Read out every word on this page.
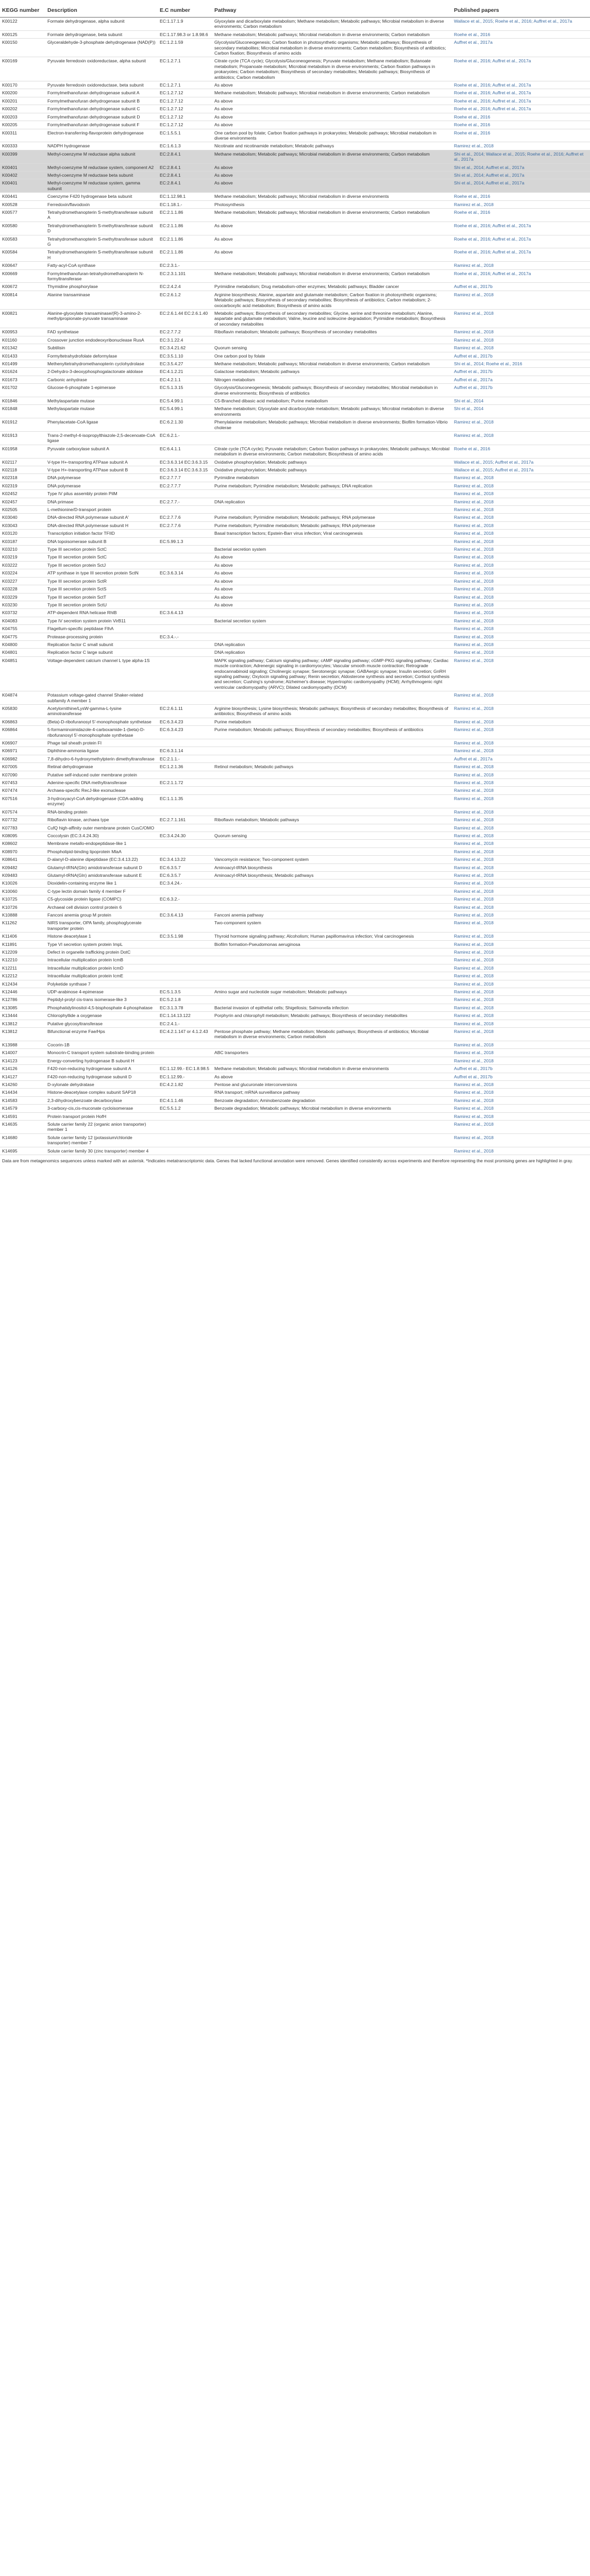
KEGG number	Description	E.C number	Pathway	Published papers
K00122	Formate dehydrogenase, alpha subunit	EC:1.17.1.9	Glyoxylate and dicarboxylate metabolism; Methane metabolism; Metabolic pathways; Microbial metabolism in diverse environments; Carbon metabolism	Wallace et al., 2015; Roehe et al., 2016; Auffret et al., 2017a
K00125	Formate dehydrogenase, beta subunit	EC:1.17.98.3 or 1.8.98.6	Methane metabolism; Metabolic pathways; Microbial metabolism in diverse environments; Carbon metabolism	Roehe et al., 2016
K00150	Glyceraldehyde-3-phosphate dehydrogenase (NAD(P))	EC:1.2.1.59	Glycolysis/Gluconeogenesis; Carbon fixation in photosynthetic organisms; Metabolic pathways; Biosynthesis of secondary metabolites; Microbial metabolism in diverse environments; Carbon metabolism; Biosynthesis of antibiotics; Carbon fixation; Biosynthesis of amino acids	Auffret et al., 2017a
K00169	Pyruvate ferredoxin oxidoreductase, alpha subunit	EC:1.2.7.1	Citrate cycle (TCA cycle); Glycolysis/Gluconeogenesis; Pyruvate metabolism; Methane metabolism; Butanoate metabolism; Propanoate metabolism; Microbial metabolism in diverse environments; Carbon fixation pathways in prokaryotes; Carbon metabolism; Biosynthesis of secondary metabolites; Metabolic pathways; Biosynthesis of antibiotics; Carbon metabolism	Roehe et al., 2016; Auffret et al., 2017a
K00170	Pyruvate ferredoxin oxidoreductase, beta subunit	EC:1.2.7.1	As above	Roehe et al., 2016; Auffret et al., 2017a
K00200	Formylmethanofuran dehydrogenase subunit A	EC:1.2.7.12	Methane metabolism; Metabolic pathways; Microbial metabolism in diverse environments; Carbon metabolism	Roehe et al., 2016; Auffret et al., 2017a
K00201	Formylmethanofuran dehydrogenase subunit B	EC:1.2.7.12	As above	Roehe et al., 2016; Auffret et al., 2017a
K00202	Formylmethanofuran dehydrogenase subunit C	EC:1.2.7.12	As above	Roehe et al., 2016; Auffret et al., 2017a
K00203	Formylmethanofuran dehydrogenase subunit D	EC:1.2.7.12	As above	Roehe et al., 2016
K00205	Formylmethanofuran dehydrogenase subunit F	EC:1.2.7.12	As above	Roehe et al., 2016
K00311	Electron-transferring-flavoprotein dehydrogenase	EC:1.5.5.1	One carbon pool by folate; Carbon fixation pathways in prokaryotes; Metabolic pathways; Microbial metabolism in diverse environments	Roehe et al., 2016
K00333	NADPH hydrogenase	EC:1.6.1.3	Nicotinate and nicotinamide metabolism; Metabolic pathways	Ramirez et al., 2018
K00399	Methyl-coenzyme M reductase alpha subunit	EC:2.8.4.1	Methane metabolism; Metabolic pathways; Microbial metabolism in diverse environments; Carbon metabolism	Shi et al., 2014; Wallace et al., 2015; Roehe et al., 2016; Auffret et al., 2017a
K00401	Methyl-coenzyme M reductase system, component A2	EC:2.8.4.1	As above	Shi et al., 2014; Auffret et al., 2017a
K00402	Methyl-coenzyme M reductase beta subunit	EC:2.8.4.1	As above	Shi et al., 2014; Auffret et al., 2017a
K00401	Methyl-coenzyme M reductase system, gamma subunit	EC:2.8.4.1	As above	Shi et al., 2014; Auffret et al., 2017a
K00441	Coenzyme F420 hydrogenase beta subunit	EC:1.12.98.1	Methane metabolism; Metabolic pathways; Microbial metabolism in diverse environments	Roehe et al., 2016
K00528	Ferredoxin/flavodoxin	EC:1.18.1.-	Photosynthesis	Ramirez et al., 2018
K00577	Tetrahydromethanopterin S-methyltransferase subunit A	EC:2.1.1.86	Methane metabolism; Metabolic pathways; Microbial metabolism in diverse environments; Carbon metabolism	Roehe et al., 2016
K00580	Tetrahydromethanopterin S-methyltransferase subunit D	EC:2.1.1.86	As above	Roehe et al., 2016; Auffret et al., 2017a
K00583	Tetrahydromethanopterin S-methyltransferase subunit G	EC:2.1.1.86	As above	Roehe et al., 2016; Auffret et al., 2017a
K00584	Tetrahydromethanopterin S-methyltransferase subunit H	EC:2.1.1.86	As above	Roehe et al., 2016; Auffret et al., 2017a
K00647	Fatty-acyl-CoA synthase	EC:2.3.1.-		Ramirez et al., 2018
K00669	Formylmethanofuran-tetrahydromethanopterin N-formyltransferase	EC:2.3.1.101	Methane metabolism; Metabolic pathways; Microbial metabolism in diverse environments; Carbon metabolism	Roehe et al., 2016; Auffret et al., 2017a
K00672	Thymidine phosphorylase	EC:2.4.2.4	Pyrimidine metabolism; Drug metabolism-other enzymes; Metabolic pathways; Bladder cancer	Auffret et al., 2017b
K00814	Alanine transaminase	EC:2.6.1.2	Arginine biosynthesis; Alanine, aspartate and glutamate metabolism; Carbon fixation in photosynthetic organisms; Metabolic pathways; Biosynthesis of secondary metabolites; Biosynthesis of antibiotics; Carbon metabolism; 2-oxocarboxylic acid metabolism; Biosynthesis of amino acids	Ramirez et al., 2018
K00821	Alanine-glyoxylate transaminase/(R)-3-amino-2-methylpropionate-pyruvate transaminase	EC:2.6.1.44 EC:2.6.1.40	Metabolic pathways; Biosynthesis of secondary metabolites; Glycine, serine and threonine metabolism; Alanine, aspartate and glutamate metabolism; Valine, leucine and isoleucine degradation; Pyrimidine metabolism; Biosynthesis of secondary metabolites	Ramirez et al., 2018
K00953	FAD synthetase	EC:2.7.7.2	Riboflavin metabolism; Metabolic pathways; Biosynthesis of secondary metabolites	Ramirez et al., 2018
K01160	Crossover junction endodeoxyribonuclease RusA	EC:3.1.22.4		Ramirez et al., 2018
K01342	Subtilisin	EC:3.4.21.62	Quorum sensing	Ramirez et al., 2018
K01433	Formyltetrahydrofolate deformylase	EC:3.5.1.10	One carbon pool by folate	Auffret et al., 2017b
K01499	Methenyltetrahydromethanopterin cyclohydrolase	EC:3.5.4.27	Methane metabolism; Metabolic pathways; Microbial metabolism in diverse environments; Carbon metabolism	Shi et al., 2014; Roehe et al., 2016
K01624	2-Dehydro-3-deoxyphosphogalactonate aldolase	EC:4.1.2.21	Galactose metabolism; Metabolic pathways	Auffret et al., 2017b
K01673	Carbonic anhydrase	EC:4.2.1.1	Nitrogen metabolism	Auffret et al., 2017a
K01702	Glucose-6-phosphate 1-epimerase	EC:5.1.3.15	Glycolysis/Gluconeogenesis; Metabolic pathways; Biosynthesis of secondary metabolites; Microbial metabolism in diverse environments; Biosynthesis of antibiotics	Auffret et al., 2017b
K01846	Methylaspartate mutase	EC:5.4.99.1	C5-Branched dibasic acid metabolism; Purine metabolism	Shi et al., 2014
K01848	Methylaspartate mutase	EC:5.4.99.1	Methane metabolism; Glyoxylate and dicarboxylate metabolism; Metabolic pathways; Microbial metabolism in diverse environments	Shi et al., 2014
K01912	Phenylacetate-CoA ligase	EC:6.2.1.30	Phenylalanine metabolism; Metabolic pathways; Microbial metabolism in diverse environments; Biofilm formation-Vibrio cholerae	Ramirez et al., 2018
K01913	Trans-2-methyl-4-isopropylthiazole-2,5-decenoate-CoA ligase	EC:6.2.1.-		Ramirez et al., 2018
K01958	Pyruvate carboxylase subunit A	EC:6.4.1.1	Citrate cycle (TCA cycle); Pyruvate metabolism; Carbon fixation pathways in prokaryotes; Metabolic pathways; Microbial metabolism in diverse environments; Carbon metabolism; Biosynthesis of amino acids	Roehe et al., 2016
K02117	V-type H+-transporting ATPase subunit A	EC:3.6.3.14 EC:3.6.3.15	Oxidative phosphorylation; Metabolic pathways	Wallace et al., 2015; Auffret et al., 2017a
K02118	V-type H+-transporting ATPase subunit B	EC:3.6.3.14 EC:3.6.3.15	Oxidative phosphorylation; Metabolic pathways	Wallace et al., 2015; Auffret et al., 2017a
K02318	DNA polymerase	EC:2.7.7.7	Pyrimidine metabolism	Ramirez et al., 2018
K02319	DNA polymerase	EC:2.7.7.7	Purine metabolism; Pyrimidine metabolism; Metabolic pathways; DNA replication	Ramirez et al., 2018
K02452	Type IV pilus assembly protein PilM			Ramirez et al., 2018
K02457	DNA primase	EC:2.7.7.-	DNA replication	Ramirez et al., 2018
K02505	L-methionine/D-transport protein			Ramirez et al., 2018
K03040	DNA-directed RNA polymerase subunit A'	EC:2.7.7.6	Purine metabolism; Pyrimidine metabolism; Metabolic pathways; RNA polymerase	Ramirez et al., 2018
K03043	DNA-directed RNA polymerase subunit H	EC:2.7.7.6	Purine metabolism; Pyrimidine metabolism; Metabolic pathways; RNA polymerase	Ramirez et al., 2018
K03120	Transcription initiation factor TFIID		Basal transcription factors; Epstein-Barr virus infection; Viral carcinogenesis	Ramirez et al., 2018
K03187	DNA topoisomerase subunit B	EC:5.99.1.3		Ramirez et al., 2018
K03210	Type III secretion protein SctC		Bacterial secretion system	Ramirez et al., 2018
K03219	Type III secretion protein SctC		As above	Ramirez et al., 2018
K03222	Type III secretion protein SctJ		As above	Ramirez et al., 2018
K03224	ATP synthase in type III secretion protein SctN	EC:3.6.3.14	As above	Ramirez et al., 2018
K03227	Type III secretion protein SctR		As above	Ramirez et al., 2018
K03228	Type III secretion protein SctS		As above	Ramirez et al., 2018
K03229	Type III secretion protein SctT		As above	Ramirez et al., 2018
K03230	Type III secretion protein SctU		As above	Ramirez et al., 2018
K03732	ATP-dependent RNA helicase RhlB	EC:3.6.4.13		Ramirez et al., 2018
K04083	Type IV secretion system protein VirB11		Bacterial secretion system	Ramirez et al., 2018
K04755	Flagellum-specific peptidase FlhA			Ramirez et al., 2018
K04775	Protease-processing protein	EC:3.4.-.-		Ramirez et al., 2018
K04800	Replication factor C small subunit		DNA replication	Ramirez et al., 2018
K04801	Replication factor C large subunit		DNA replication	Ramirez et al., 2018
K04851	Voltage-dependent calcium channel L type alpha-1S		MAPK signaling pathway; Calcium signaling pathway; cAMP signaling pathway; cGMP-PKG signaling pathway; Cardiac muscle contraction; Adrenergic signaling in cardiomyocytes; Vascular smooth muscle contraction; Retrograde endocannabinoid signaling; Cholinergic synapse; Serotonergic synapse; GABAergic synapse; Insulin secretion; GnRH signaling pathway; Oxytocin signaling pathway; Renin secretion; Aldosterone synthesis and secretion; Cortisol synthesis and secretion; Cushing's syndrome; Alzheimer's disease; Hypertrophic cardiomyopathy (HCM); Arrhythmogenic right ventricular cardiomyopathy (ARVC); Dilated cardiomyopathy (DCM)	Ramirez et al., 2018
K04874	Potassium voltage-gated channel Shaker-related subfamily A member 1			Ramirez et al., 2018
K05830	Acetylornithine/LysW-gamma-L-lysine aminotransferase	EC:2.6.1.11	Arginine biosynthesis; Lysine biosynthesis; Metabolic pathways; Biosynthesis of secondary metabolites; Biosynthesis of antibiotics; Biosynthesis of amino acids	Ramirez et al., 2018
K06863	(Beta)-D-ribofuranosyl 5'-monophosphate synthetase	EC:6.3.4.23	Purine metabolism	Ramirez et al., 2018
K06864	5-formaminoimidazole-4-carboxamide-1-(beta)-D-ribofuranosyl 5'-monophosphate synthetase	EC:6.3.4.23	Purine metabolism; Metabolic pathways; Biosynthesis of secondary metabolites; Biosynthesis of antibiotics	Ramirez et al., 2018
K06907	Phage tail sheath protein FI			Ramirez et al., 2018
K06971	Diphthine-ammonia ligase	EC:6.3.1.14		Ramirez et al., 2018
K06982	7,8-dihydro-6-hydroxymethylpterin dimethyltransferase	EC:2.1.1.-		Auffret et al., 2017a
K07005	Retinal dehydrogenase	EC:1.2.1.36	Retinol metabolism; Metabolic pathways	Ramirez et al., 2018
K07090	Putative self-induced outer membrane protein			Ramirez et al., 2018
K07453	Adenine-specific DNA methyltransferase	EC:2.1.1.72		Ramirez et al., 2018
K07474	Archaea-specific RecJ-like exonuclease			Ramirez et al., 2018
K07516	3-hydroxyacyl-CoA dehydrogenase (CDA-adding enzyme)	EC:1.1.1.35		Ramirez et al., 2018
K07574	RNA-binding protein			Ramirez et al., 2018
K07732	Riboflavin kinase, archaea type	EC:2.7.1.161	Riboflavin metabolism; Metabolic pathways	Ramirez et al., 2018
K07783	CufQ high-affinity outer membrane protein CusC/OMO			Ramirez et al., 2018
K08095	Coccolysin (EC:3.4.24.30)	EC:3.4.24.30	Quorum sensing	Ramirez et al., 2018
K08602	Membrane metallo-endopeptidase-like 1			Ramirez et al., 2018
K08970	Phospholipid-binding lipoprotein MlaA			Ramirez et al., 2018
K08641	D-alanyl-D-alanine dipeptidase (EC:3.4.13.22)	EC:3.4.13.22	Vancomycin resistance; Two-component system	Ramirez et al., 2018
K09482	Glutamyl-tRNA(Gln) amidotransferase subunit D	EC:6.3.5.7	Aminoacyl-tRNA biosynthesis	Ramirez et al., 2018
K09483	Glutamyl-tRNA(Gln) amidotransferase subunit E	EC:6.3.5.7	Aminoacyl-tRNA biosynthesis; Metabolic pathways	Ramirez et al., 2018
K10026	Dioxidelin-containing enzyme like 1	EC:3.4.24.-		Ramirez et al., 2018
K10060	C-type lectin domain family 4 member F			Ramirez et al., 2018
K10725	C5-glycoside protein ligase (COMPC)	EC:6.3.2.-		Ramirez et al., 2018
K10726	Archaeal cell division control protein 6			Ramirez et al., 2018
K10888	Fanconi anemia group M protein	EC:3.6.4.13	Fanconi anemia pathway	Ramirez et al., 2018
K11262	NIRS transporter, OPA family, phosphoglycerate transporter protein		Two-component system	Ramirez et al., 2018
K11406	Histone deacetylase 1	EC:3.5.1.98	Thyroid hormone signaling pathway; Alcoholism; Human papillomavirus infection; Viral carcinogenesis	Ramirez et al., 2018
K11891	Type VI secretion system protein ImpL		Biofilm formation-Pseudomonas aeruginosa	Ramirez et al., 2018
K12209	Defect in organelle trafficking protein DotC			Ramirez et al., 2018
K12210	Intracellular multiplication protein IcmB			Ramirez et al., 2018
K12211	Intracellular multiplication protein IcmD			Ramirez et al., 2018
K12212	Intracellular multiplication protein IcmE			Ramirez et al., 2018
K12434	Polyketide synthase 7			Ramirez et al., 2018
K12446	UDP-arabinose 4-epimerase	EC:5.1.3.5	Amino sugar and nucleotide sugar metabolism; Metabolic pathways	Ramirez et al., 2018
K12786	Peptidyl-prolyl cis-trans isomerase-like 3	EC:5.2.1.8		Ramirez et al., 2018
K13085	Phosphatidylinositol-4,5-bisphosphate 4-phosphatase	EC:3.1.3.78	Bacterial invasion of epithelial cells; Shigellosis; Salmonella infection	Ramirez et al., 2018
K13444	Chlorophyllide a oxygenase	EC:1.14.13.122	Porphyrin and chlorophyll metabolism; Metabolic pathways; Biosynthesis of secondary metabolites	Ramirez et al., 2018
K13812	Putative glycosyltransferase	EC:2.4.1.-		Ramirez et al., 2018
K13812	Bifunctional enzyme Fae/Hps	EC:4.2.1.147 or 4.1.2.43	Pentose phosphate pathway; Methane metabolism; Metabolic pathways; Biosynthesis of antibiotics; Microbial metabolism in diverse environments; Carbon metabolism	Ramirez et al., 2018
K13988	Cocorin-1B			Ramirez et al., 2018
K14007	Monocrin-C transport system substrate-binding protein		ABC transporters	Ramirez et al., 2018
K14123	Energy-converting hydrogenase B subunit H			Ramirez et al., 2018
K14126	F420-non-reducing hydrogenase subunit A	EC:1.12.99.- EC:1.8.98.5	Methane metabolism; Metabolic pathways; Microbial metabolism in diverse environments	Auffret et al., 2017b
K14127	F420-non-reducing hydrogenase subunit D	EC:1.12.99.-	As above	Auffret et al., 2017b
K14260	D-xylonate dehydratase	EC:4.2.1.82	Pentose and glucuronate interconversions	Ramirez et al., 2018
K14434	Histone-deacetylase complex subunit SAP18		RNA transport; mRNA surveillance pathway	Ramirez et al., 2018
K14583	2,3-dihydroxybenzoate decarboxylase	EC:4.1.1.46	Benzoate degradation; Aminobenzoate degradation	Ramirez et al., 2018
K14579	3-carboxy-cis,cis-muconate cycloisomerase	EC:5.5.1.2	Benzoate degradation; Metabolic pathways; Microbial metabolism in diverse environments	Ramirez et al., 2018
K14591	Protein transport protein HofH			Ramirez et al., 2018
K14635	Solute carrier family 22 (organic anion transporter) member 1			Ramirez et al., 2018
K14680	Solute carrier family 12 (potassium/chloride transporter) member 7			Ramirez et al., 2018
K14695	Solute carrier family 30 (zinc transporter) member 4			Ramirez et al., 2018
Data are from metagenomics sequences unless marked with an asterisk. *Indicates metatranscriptomic data. Genes that lacked functional annotation were removed. Genes identified consistently across experiments and therefore representing the most promising genes are highlighted in gray.
